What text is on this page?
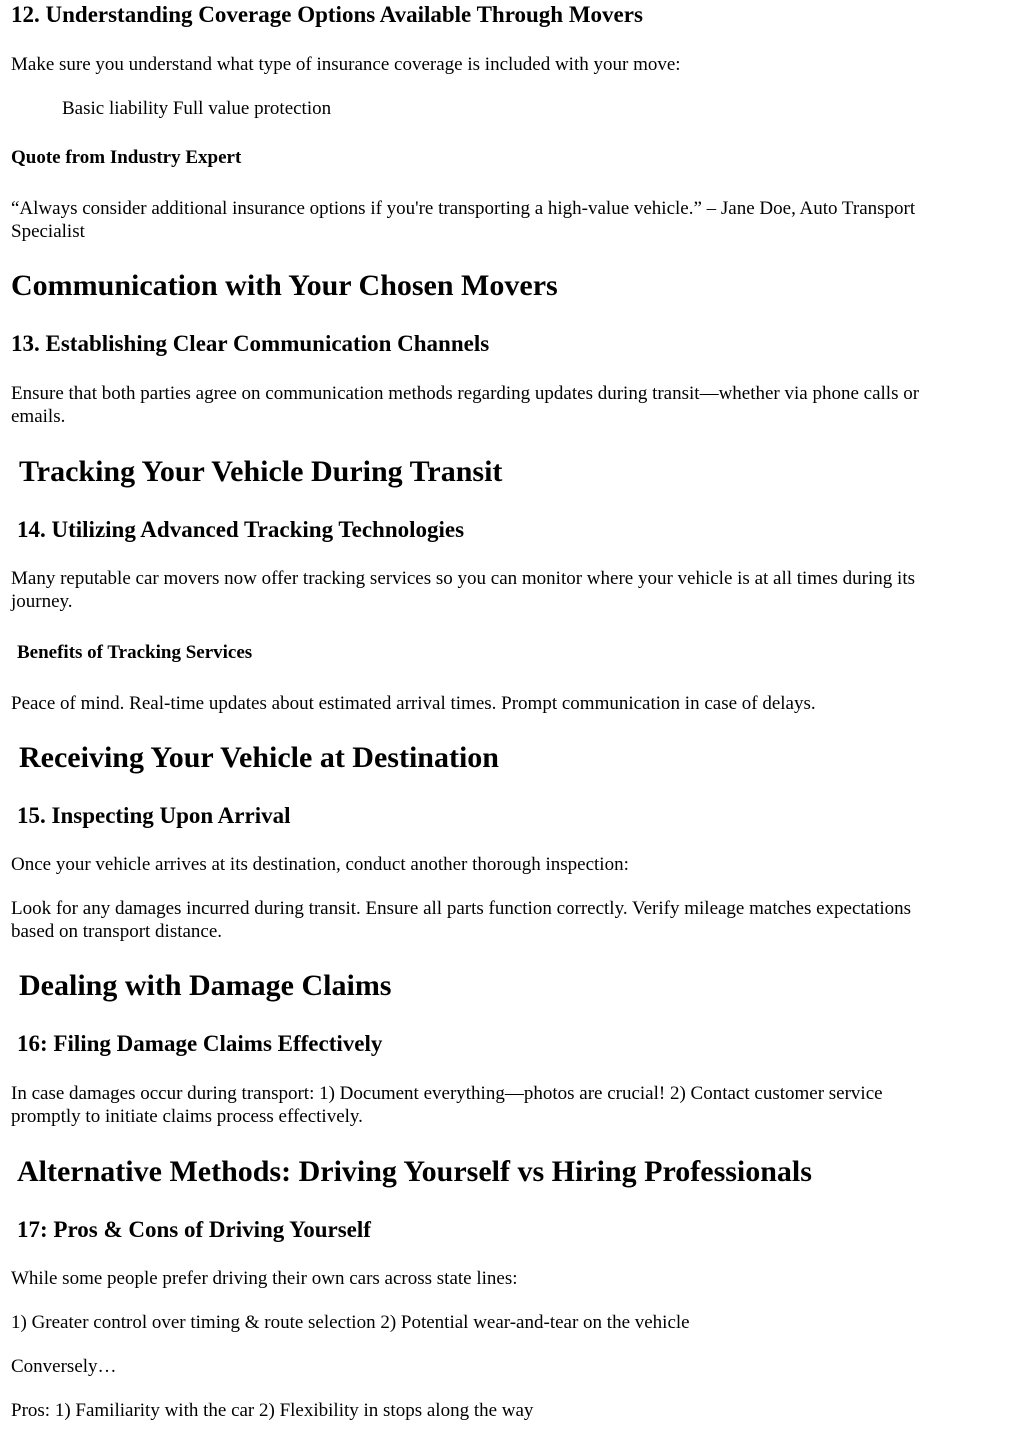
12. Understanding Coverage Options Available Through Movers
Make sure you understand what type of insurance coverage is included with your move:
Basic liability Full value protection
Quote from Industry Expert
“Always consider additional insurance options if you're transporting a high-value vehicle.” – Jane Doe, Auto Transport
Specialist
Communication with Your Chosen Movers
13. Establishing Clear Communication Channels
Ensure that both parties agree on communication methods regarding updates during transit—whether via phone calls or
emails.
Tracking Your Vehicle During Transit
14. Utilizing Advanced Tracking Technologies
Many reputable car movers now offer tracking services so you can monitor where your vehicle is at all times during its
journey.
Benefits of Tracking Services
Peace of mind. Real-time updates about estimated arrival times. Prompt communication in case of delays.
Receiving Your Vehicle at Destination
15. Inspecting Upon Arrival
Once your vehicle arrives at its destination, conduct another thorough inspection:
Look for any damages incurred during transit. Ensure all parts function correctly. Verify mileage matches expectations
based on transport distance.
Dealing with Damage Claims
16: Filing Damage Claims Effectively
In case damages occur during transport: 1) Document everything—photos are crucial! 2) Contact customer service
promptly to initiate claims process effectively.
Alternative Methods: Driving Yourself vs Hiring Professionals
17: Pros & Cons of Driving Yourself
While some people prefer driving their own cars across state lines:
1) Greater control over timing & route selection 2) Potential wear-and-tear on the vehicle
Conversely…
Pros: 1) Familiarity with the car 2) Flexibility in stops along the way
